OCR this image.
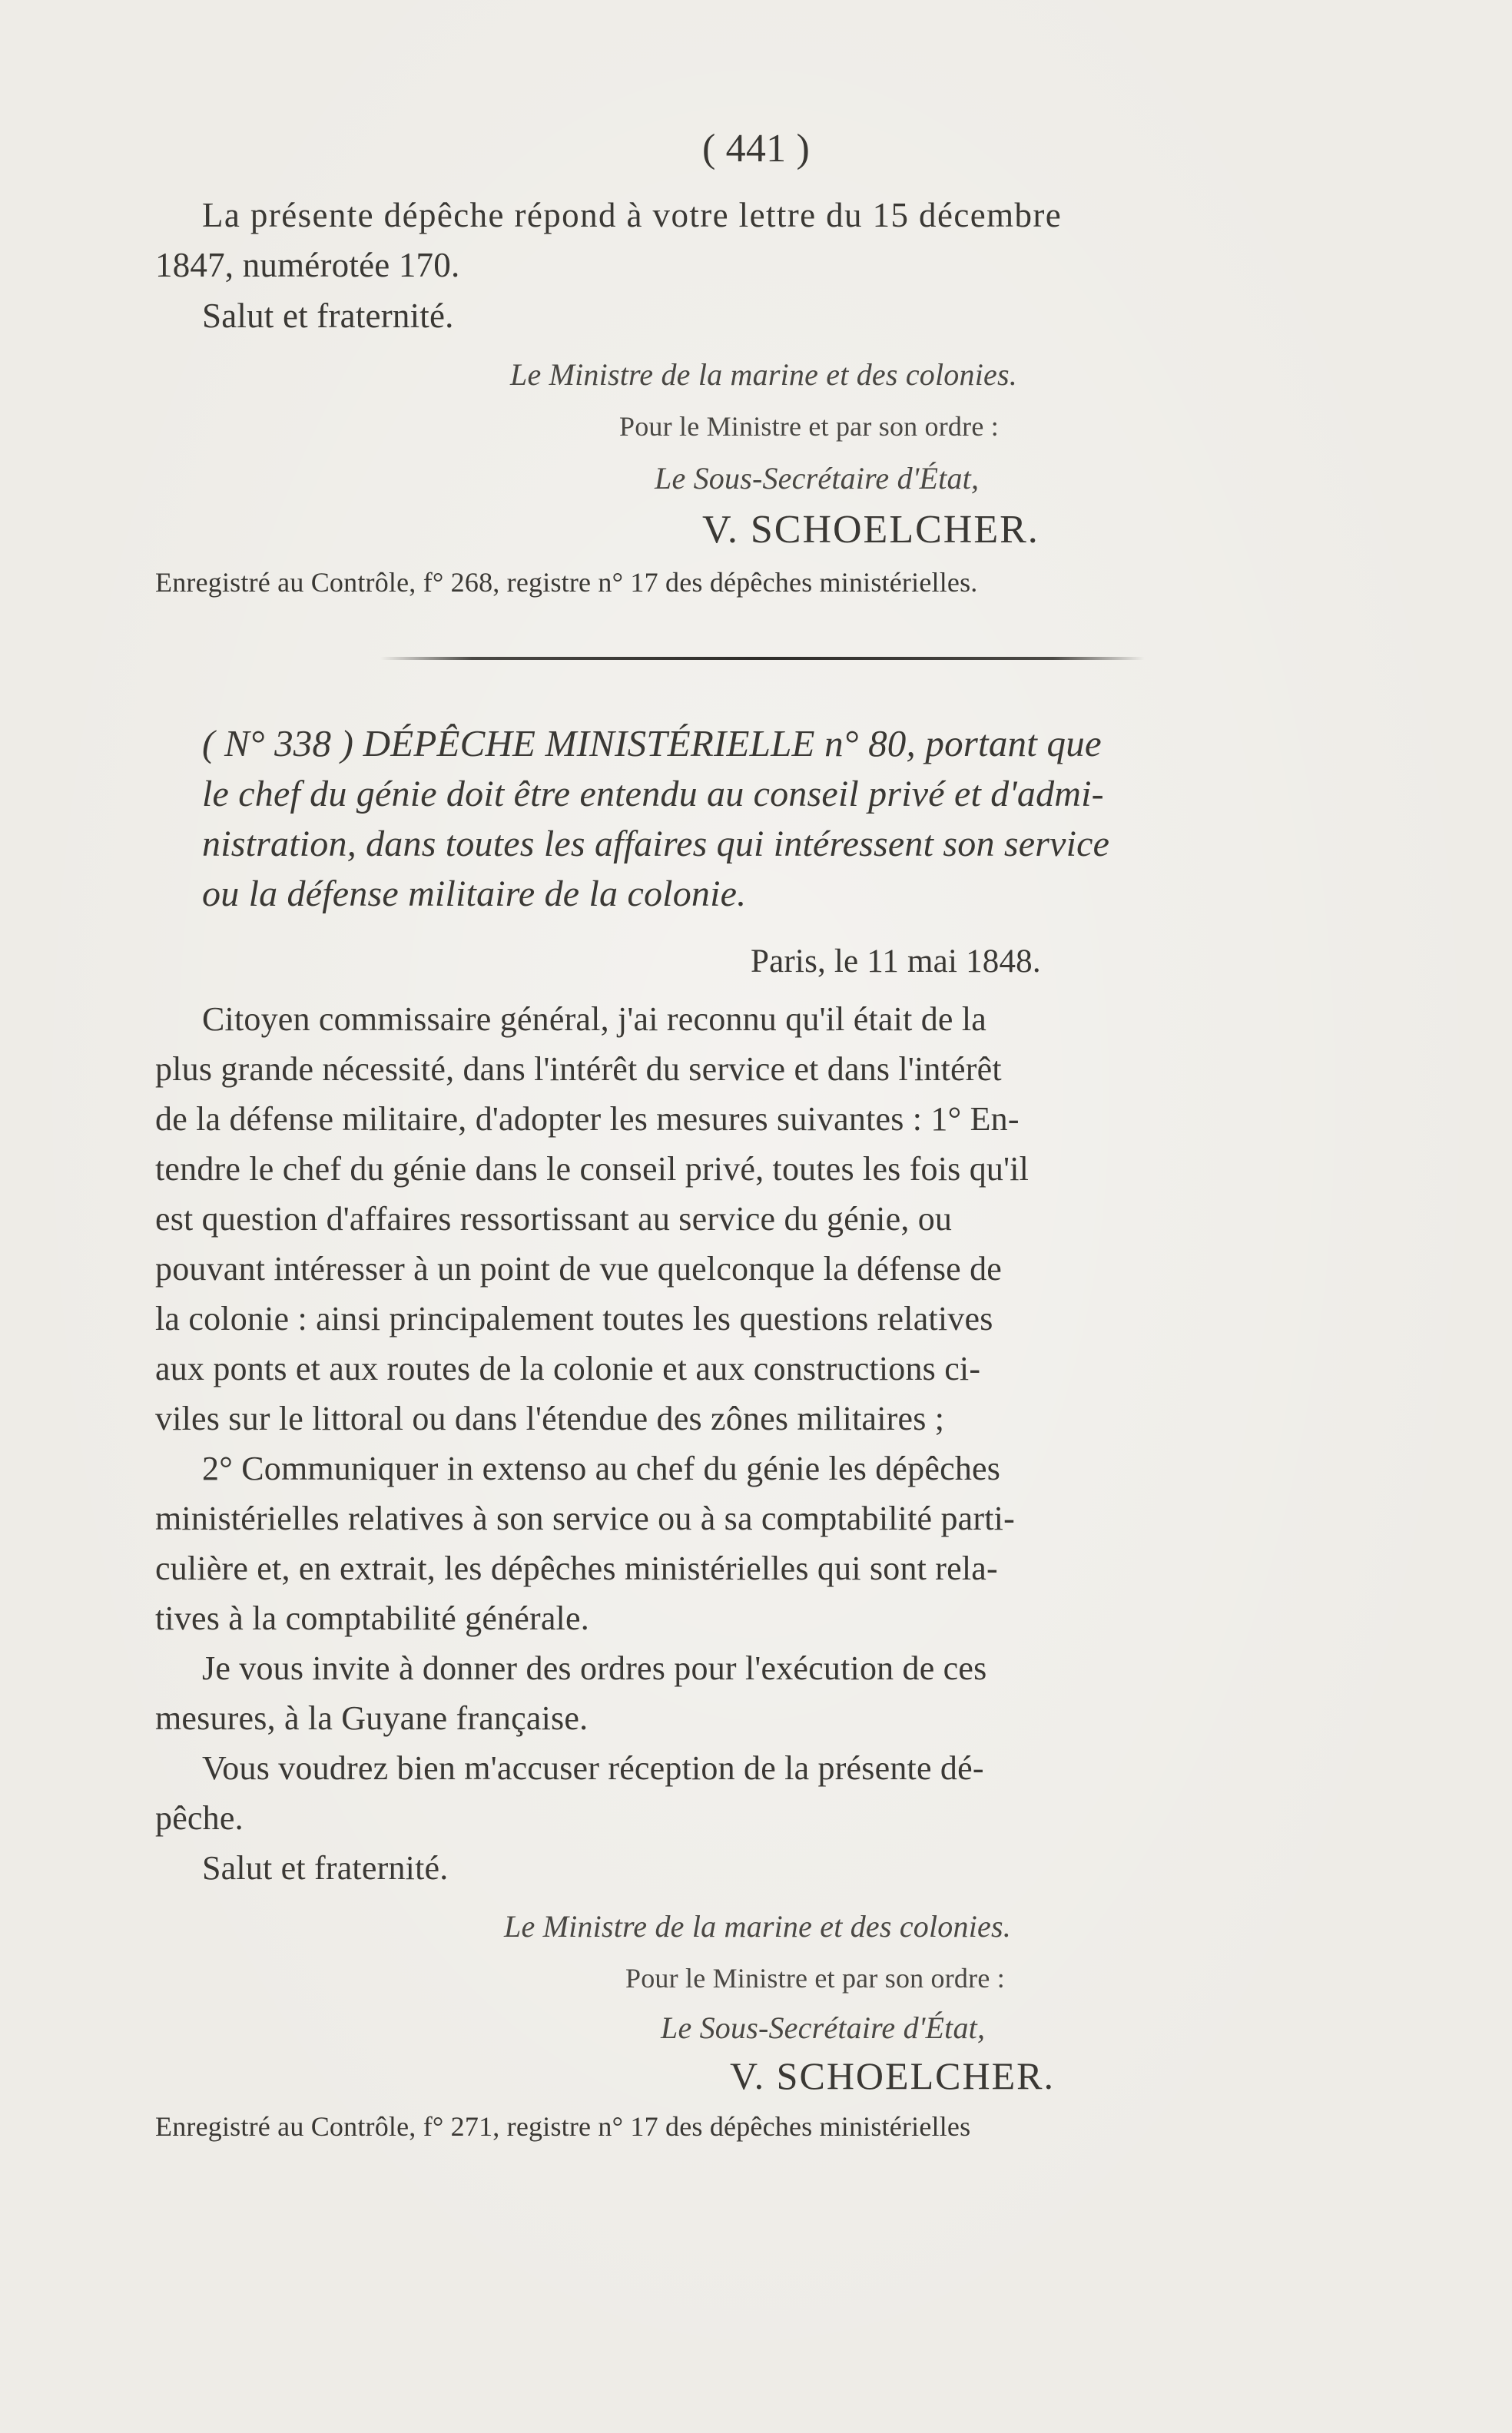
( 441 )
La présente dépêche répond à votre lettre du 15 décembre
1847, numérotée 170.
Salut et fraternité.
Le Ministre de la marine et des colonies.
Pour le Ministre et par son ordre :
Le Sous-Secrétaire d'État,
V. SCHOELCHER.
Enregistré au Contrôle, f° 268, registre n° 17 des dépêches ministérielles.
( N° 338 ) DÉPÊCHE MINISTÉRIELLE n° 80, portant que
le chef du génie doit être entendu au conseil privé et d'admi-
nistration, dans toutes les affaires qui intéressent son service
ou la défense militaire de la colonie.
Paris, le 11 mai 1848.
Citoyen commissaire général, j'ai reconnu qu'il était de la
plus grande nécessité, dans l'intérêt du service et dans l'intérêt
de la défense militaire, d'adopter les mesures suivantes : 1° En-
tendre le chef du génie dans le conseil privé, toutes les fois qu'il
est question d'affaires ressortissant au service du génie, ou
pouvant intéresser à un point de vue quelconque la défense de
la colonie : ainsi principalement toutes les questions relatives
aux ponts et aux routes de la colonie et aux constructions ci-
viles sur le littoral ou dans l'étendue des zônes militaires ;
2° Communiquer in extenso au chef du génie les dépêches
ministérielles relatives à son service ou à sa comptabilité parti-
culière et, en extrait, les dépêches ministérielles qui sont rela-
tives à la comptabilité générale.
Je vous invite à donner des ordres pour l'exécution de ces
mesures, à la Guyane française.
Vous voudrez bien m'accuser réception de la présente dé-
pêche.
Salut et fraternité.
Le Ministre de la marine et des colonies.
Pour le Ministre et par son ordre :
Le Sous-Secrétaire d'État,
V. SCHOELCHER.
Enregistré au Contrôle, f° 271, registre n° 17 des dépêches ministérielles
